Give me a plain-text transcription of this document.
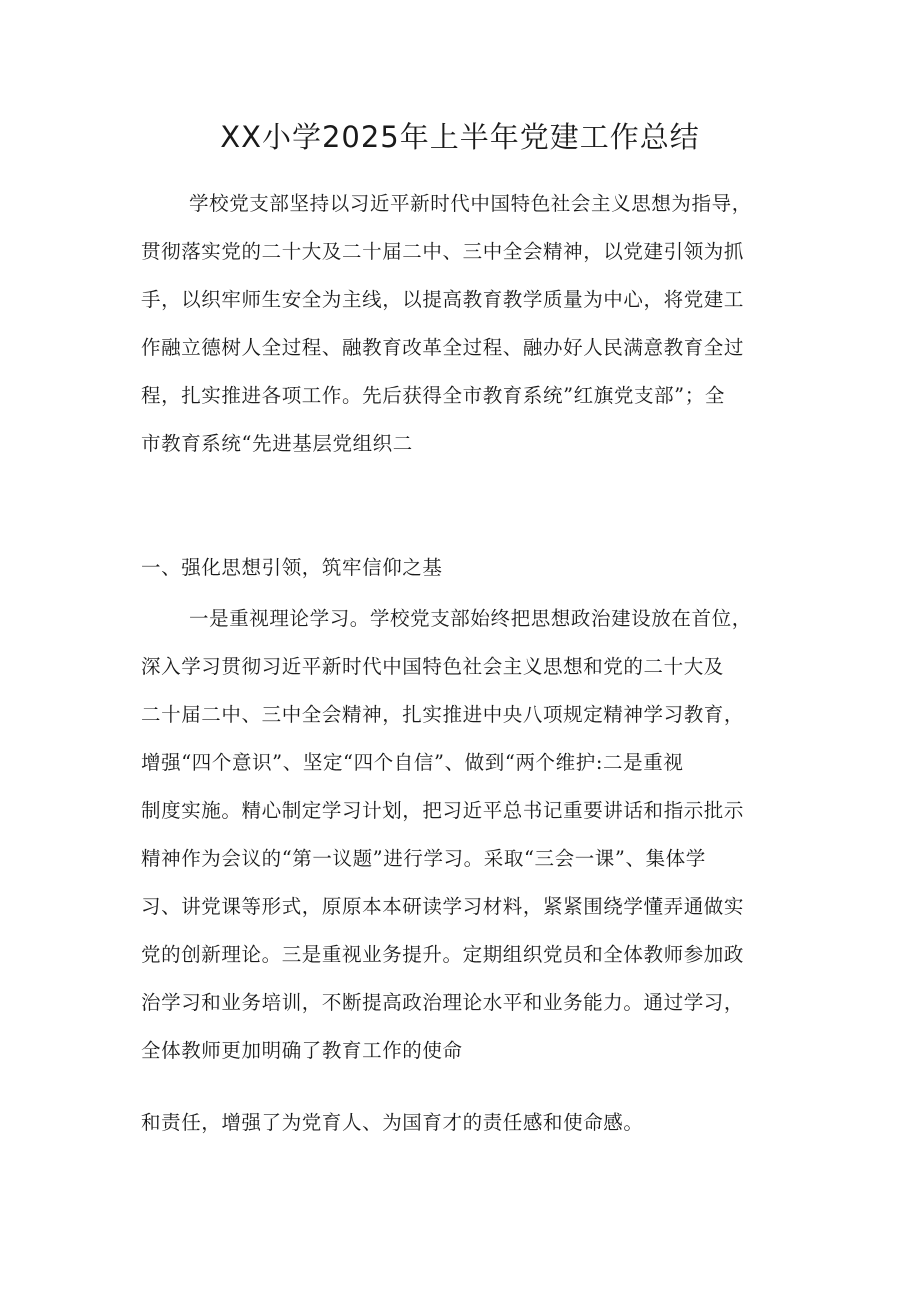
XX小学2025年上半年党建工作总结
学校党支部坚持以习近平新时代中国特色社会主义思想为指导，
贯彻落实党的二十大及二十届二中、三中全会精神，以党建引领为抓
手，以织牢师生安全为主线，以提高教育教学质量为中心，将党建工
作融立德树人全过程、融教育改革全过程、融办好人民满意教育全过
程，扎实推进各项工作。先后获得全市教育系统”红旗党支部”；全
市教育系统“先进基层党组织二
一、强化思想引领，筑牢信仰之基
一是重视理论学习。学校党支部始终把思想政治建设放在首位，
深入学习贯彻习近平新时代中国特色社会主义思想和党的二十大及
二十届二中、三中全会精神，扎实推进中央八项规定精神学习教育，
增强“四个意识”、坚定“四个自信”、做到“两个维护:二是重视
制度实施。精心制定学习计划，把习近平总书记重要讲话和指示批示
精神作为会议的“第一议题”进行学习。采取“三会一课”、集体学
习、讲党课等形式，原原本本研读学习材料，紧紧围绕学懂弄通做实
党的创新理论。三是重视业务提升。定期组织党员和全体教师参加政
治学习和业务培训，不断提高政治理论水平和业务能力。通过学习，
全体教师更加明确了教育工作的使命
和责任，增强了为党育人、为国育才的责任感和使命感。
